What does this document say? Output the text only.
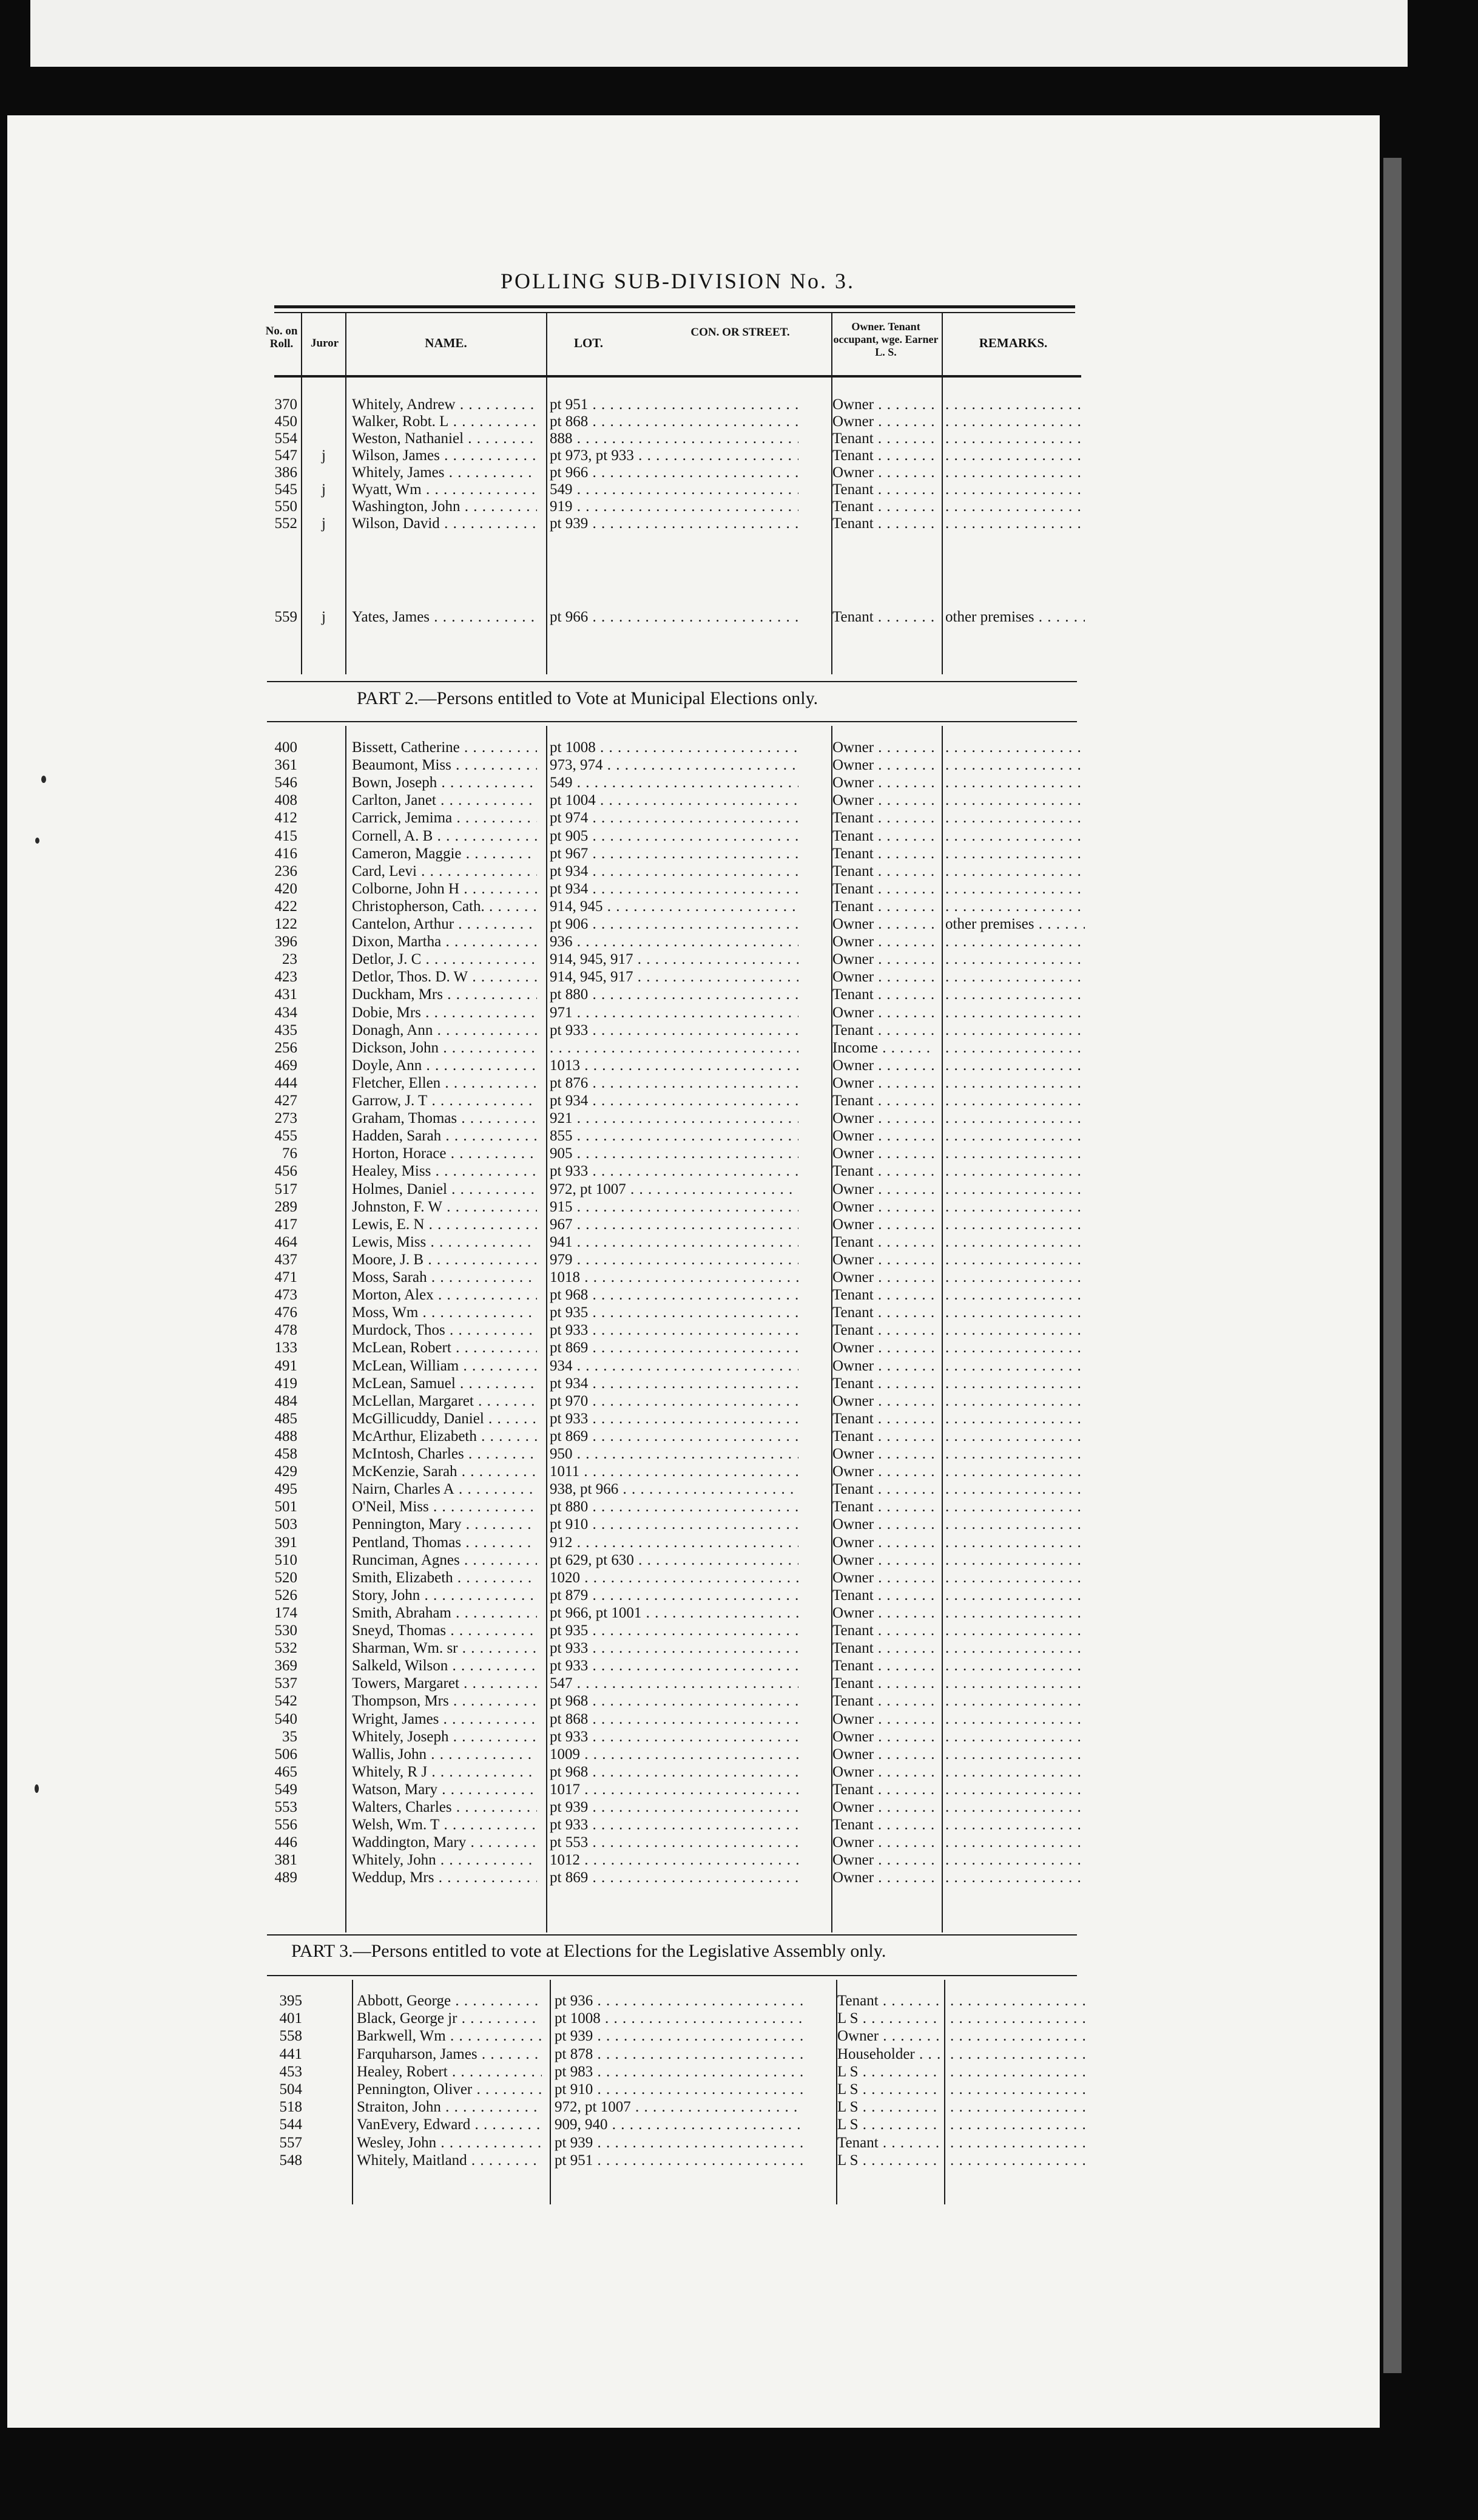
POLLING SUB-DIVISION No. 3.
No. on Roll.	Juror	NAME.	LOT.
CON. OR STREET.	Owner. Tenant occupant, wge. Earner L. S.
REMARKS.
PART 2.—Persons entitled to Vote at Municipal Elections only.
PART 3.—Persons entitled to vote at Elections for the Legislative Assembly only.
370	Whitely, Andrew . . .	pt 951 . . .	Owner . . .
. . .
450	Walker, Robt. L . . .	pt 868 . . .	Owner . . .
. . .
554	Weston, Nathaniel . . .	888 . . .	Tenant . . .
. . .
547 j Wilson, James . . .	pt 973, pt 933 . . .	Tenant . . .
. . .
386	Whitely, James . . .	pt 966 . . .	Owner . . .
. . .
545 j Wyatt, Wm . . .	549 . . .	Tenant . . .
. . .
550	Washington, John . . .	919 . . .	Tenant . . .
. . .
552 j Wilson, David . . .	pt 939 . . .	Tenant . . .
. . .
559 j Yates, James . . .	pt 966 . . .	Tenant . . .	other premises . . .
400	Bissett, Catherine . . .	pt 1008 . . .	Owner . . .
. . .
361	Beaumont, Miss . . .	973, 974 . . .	Owner . . .
. . .
546	Bown, Joseph . . .	549 . . .	Owner . . .
. . .
408	Carlton, Janet . . .	pt 1004 . . .	Owner . . .
. . .
412	Carrick, Jemima . . .	pt 974 . . .	Tenant . . .
. . .
415	Cornell, A. B . . .	pt 905 . . .	Tenant . . .
. . .
416	Cameron, Maggie . . .	pt 967 . . .	Tenant . . .
. . .
236	Card, Levi . . .	pt 934 . . .	Tenant . . .
. . .
420	Colborne, John H . . .	pt 934 . . .	Tenant . . .
. . .
422	Christopherson, Cath. . . .	914, 945 . . .	Tenant . . .
. . .
122	Cantelon, Arthur . . .	pt 906 . . .	Owner . . .	other premises . . .
396	Dixon, Martha . . .	936 . . .	Owner . . .
. . .
23	Detlor, J. C . . .	914, 945, 917 . . .	Owner . . .
. . .
423	Detlor, Thos. D. W . . .	914, 945, 917 . . .	Owner . . .
. . .
431	Duckham, Mrs . . .	pt 880 . . .	Tenant . . .
. . .
434	Dobie, Mrs . . .	971 . . .	Owner . . .
. . .
435	Donagh, Ann . . .	pt 933 . . .	Tenant . . .
. . .
256	Dickson, John . . .
. . .	Income . . .
. . .
469	Doyle, Ann . . .	1013 . . .	Owner . . .
. . .
444	Fletcher, Ellen . . .	pt 876 . . .	Owner . . .
. . .
427	Garrow, J. T . . .	pt 934 . . .	Tenant . . .
. . .
273	Graham, Thomas . . .	921 . . .	Owner . . .
. . .
455	Hadden, Sarah . . .	855 . . .	Owner . . .
. . .
76	Horton, Horace . . .	905 . . .	Owner . . .
. . .
456	Healey, Miss . . .	pt 933 . . .	Tenant . . .
. . .
517	Holmes, Daniel . . .	972, pt 1007 . . .	Owner . . .
. . .
289	Johnston, F. W . . .	915 . . .	Owner . . .
. . .
417	Lewis, E. N . . .	967 . . .	Owner . . .
. . .
464	Lewis, Miss . . .	941 . . .	Tenant . . .
. . .
437	Moore, J. B . . .	979 . . .	Owner . . .
. . .
471	Moss, Sarah . . .	1018 . . .	Owner . . .
. . .
473	Morton, Alex . . .	pt 968 . . .	Tenant . . .
. . .
476	Moss, Wm . . .	pt 935 . . .	Tenant . . .
. . .
478	Murdock, Thos . . .	pt 933 . . .	Tenant . . .
. . .
133	McLean, Robert . . .	pt 869 . . .	Owner . . .
. . .
491	McLean, William . . .	934 . . .	Owner . . .
. . .
419	McLean, Samuel . . .	pt 934 . . .	Tenant . . .
. . .
484	McLellan, Margaret . . .	pt 970 . . .	Owner . . .
. . .
485	McGillicuddy, Daniel . . .	pt 933 . . .	Tenant . . .
. . .
488	McArthur, Elizabeth . . .	pt 869 . . .	Tenant . . .
. . .
458	McIntosh, Charles . . .	950 . . .	Owner . . .
. . .
429	McKenzie, Sarah . . .	1011 . . .	Owner . . .
. . .
495	Nairn, Charles A . . .	938, pt 966 . . .	Tenant . . .
. . .
501	O'Neil, Miss . . .	pt 880 . . .	Tenant . . .
. . .
503	Pennington, Mary . . .	pt 910 . . .	Owner . . .
. . .
391	Pentland, Thomas . . .	912 . . .	Owner . . .
. . .
510	Runciman, Agnes . . .	pt 629, pt 630 . . .	Owner . . .
. . .
520	Smith, Elizabeth . . .	1020 . . .	Owner . . .
. . .
526	Story, John . . .	pt 879 . . .	Tenant . . .
. . .
174	Smith, Abraham . . .	pt 966, pt 1001 . . .	Owner . . .
. . .
530	Sneyd, Thomas . . .	pt 935 . . .	Tenant . . .
. . .
532	Sharman, Wm. sr . . .	pt 933 . . .	Tenant . . .
. . .
369	Salkeld, Wilson . . .	pt 933 . . .	Tenant . . .
. . .
537	Towers, Margaret . . .	547 . . .	Tenant . . .
. . .
542	Thompson, Mrs . . .	pt 968 . . .	Tenant . . .
. . .
540	Wright, James . . .	pt 868 . . .	Owner . . .
. . .
35	Whitely, Joseph . . .	pt 933 . . .	Owner . . .
. . .
506	Wallis, John . . .	1009 . . .	Owner . . .
. . .
465	Whitely, R J . . .	pt 968 . . .	Owner . . .
. . .
549	Watson, Mary . . .	1017 . . .	Tenant . . .
. . .
553	Walters, Charles . . .	pt 939 . . .	Owner . . .
. . .
556	Welsh, Wm. T . . .	pt 933 . . .	Tenant . . .
. . .
446	Waddington, Mary . . .	pt 553 . . .	Owner . . .
. . .
381	Whitely, John . . .	1012 . . .	Owner . . .
. . .
489	Weddup, Mrs . . .	pt 869 . . .	Owner . . .
. . .
395	Abbott, George . . .	pt 936 . . .	Tenant . . .
. . .
401	Black, George jr . . .	pt 1008 . . .	L S . . .
. . .
558	Barkwell, Wm . . .	pt 939 . . .	Owner . . .
. . .
441	Farquharson, James . . .	pt 878 . . .	Householder . . .
. . .
453	Healey, Robert . . .	pt 983 . . .	L S . . .
. . .
504	Pennington, Oliver . . .	pt 910 . . .	L S . . .
. . .
518	Straiton, John . . .	972, pt 1007 . . .	L S . . .
. . .
544	VanEvery, Edward . . .	909, 940 . . .	L S . . .
. . .
557	Wesley, John . . .	pt 939 . . .	Tenant . . .
. . .
548	Whitely, Maitland . . .	pt 951 . . .	L S . . .
. . .
